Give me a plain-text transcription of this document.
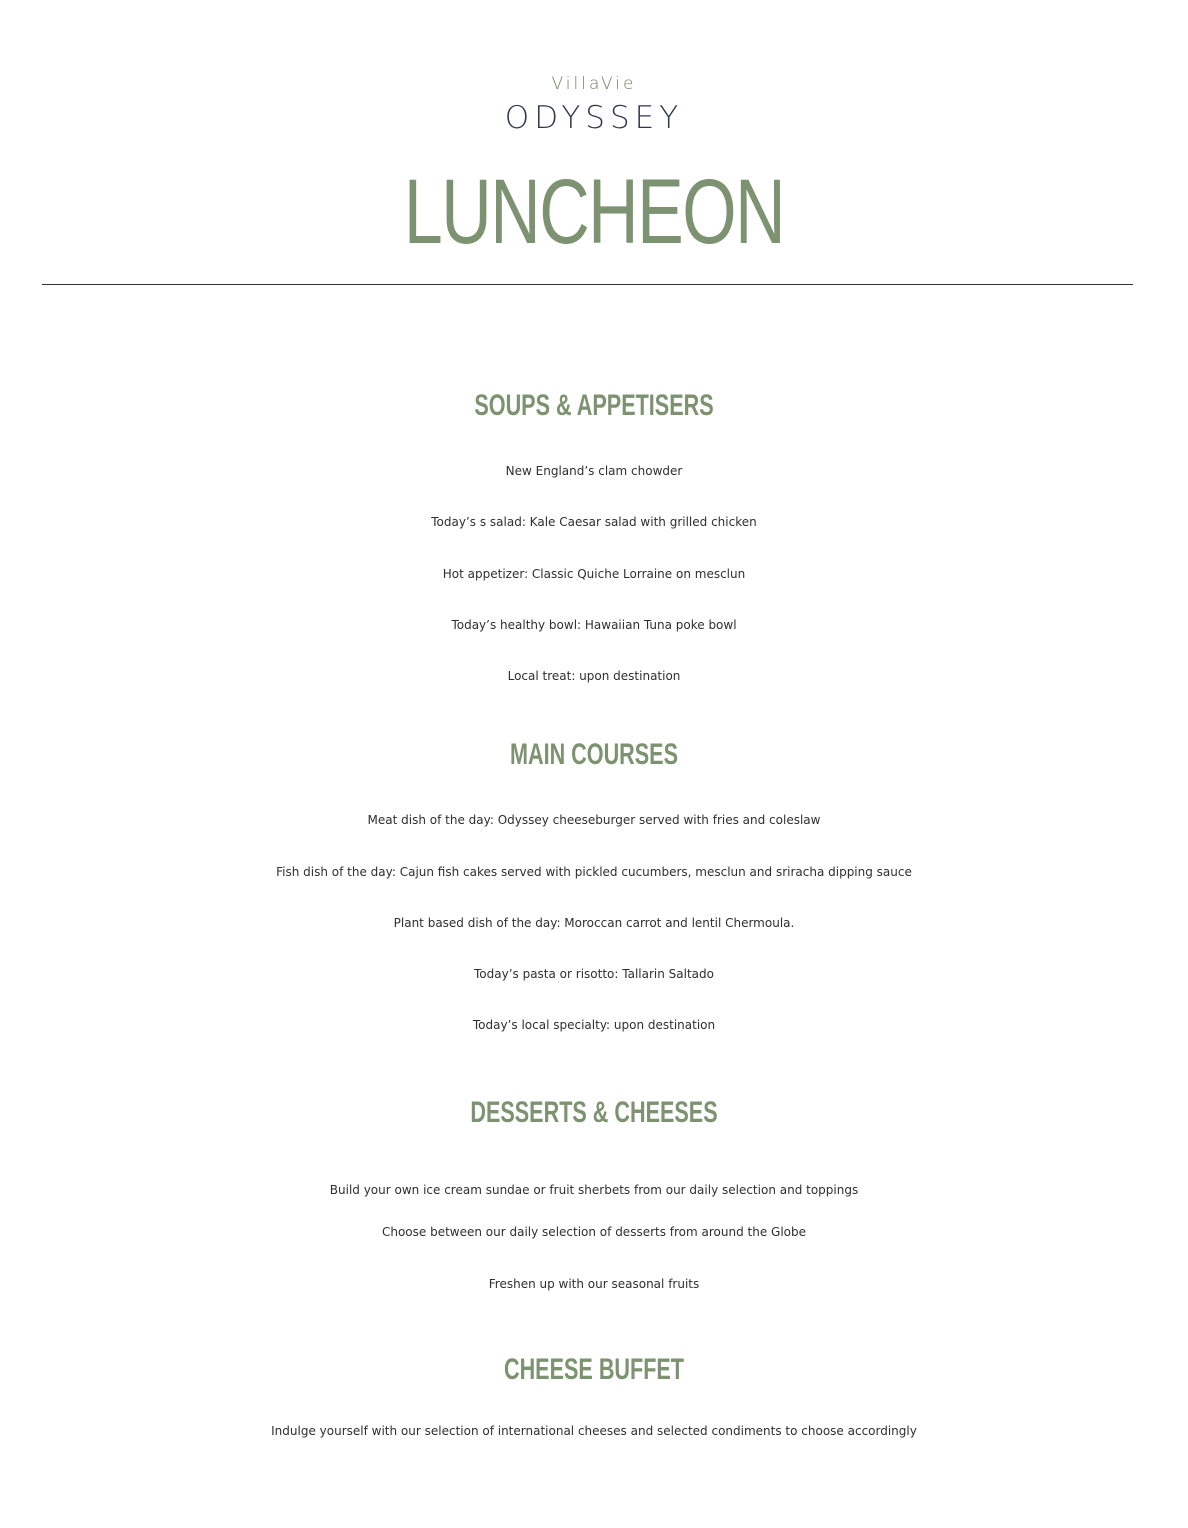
VillaVie
ODYSSEY
LUNCHEON
SOUPS & APPETISERS
New England’s clam chowder
Today’s s salad: Kale Caesar salad with grilled chicken
Hot appetizer: Classic Quiche Lorraine on mesclun
Today’s healthy bowl: Hawaiian Tuna poke bowl
Local treat: upon destination
MAIN COURSES
Meat dish of the day: Odyssey cheeseburger served with fries and coleslaw
Fish dish of the day: Cajun fish cakes served with pickled cucumbers, mesclun and sriracha dipping sauce
Plant based dish of the day: Moroccan carrot and lentil Chermoula.
Today’s pasta or risotto: Tallarin Saltado
Today’s local specialty: upon destination
DESSERTS & CHEESES
Build your own ice cream sundae or fruit sherbets from our daily selection and toppings
Choose between our daily selection of desserts from around the Globe
Freshen up with our seasonal fruits
CHEESE BUFFET
Indulge yourself with our selection of international cheeses and selected condiments to choose accordingly
